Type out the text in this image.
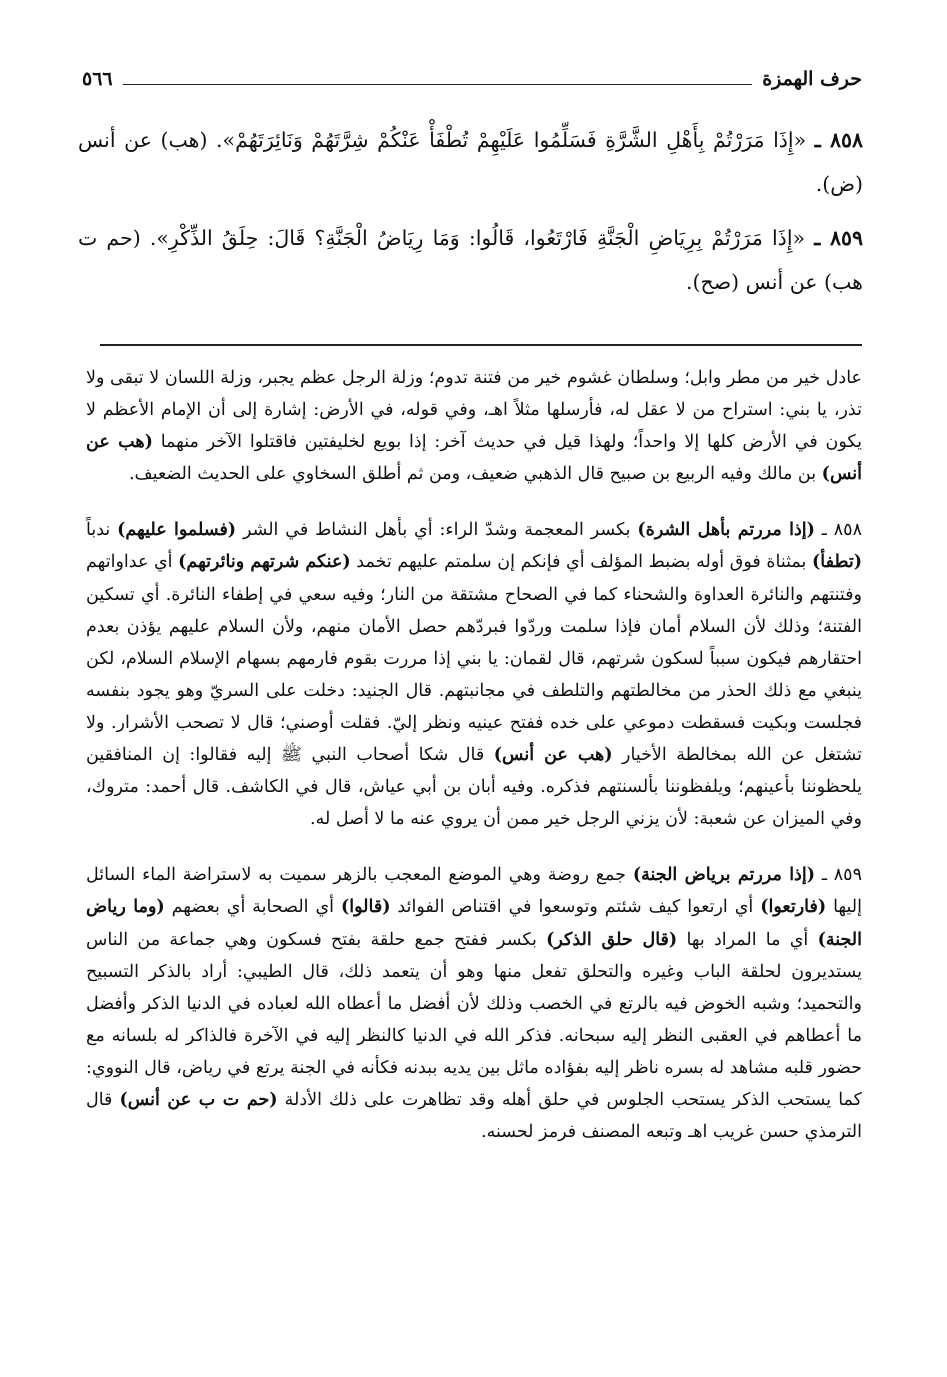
٥٦٦	حرف الهمزة

٨٥٨ ـ «إِذَا مَرَرْتُمْ بِأَهْلِ الشَّرَّةِ فَسَلِّمُوا عَلَيْهِمْ تُطْفَأْ عَنْكُمْ شِرَّتَهُمْ وَنَائِرَتَهُمْ». (هب) عن أنس (ض).

٨٥٩ ـ «إِذَا مَرَرْتُمْ بِرِيَاضِ الْجَنَّةِ فَارْتَعُوا، قَالُوا: وَمَا رِيَاضُ الْجَنَّةِ؟ قَالَ: حِلَقُ الذِّكْرِ». (حم ت هب) عن أنس (صح).

عادل خير من مطر وابل؛ وسلطان غشوم خير من فتنة تدوم؛ وزلة الرجل عظم يجبر، وزلة اللسان لا تبقى ولا تذر، يا بني: استراح من لا عقل له، فأرسلها مثلاً اهـ، وفي قوله، في الأرض: إشارة إلى أن الإمام الأعظم لا يكون في الأرض كلها إلا واحداً؛ ولهذا قيل في حديث آخر: إذا بويع لخليفتين فاقتلوا الآخر منهما (هب عن أنس) بن مالك وفيه الربيع بن صبيح قال الذهبي ضعيف، ومن ثم أطلق السخاوي على الحديث الضعيف.

٨٥٨ ـ (إذا مررتم بأهل الشرة) بكسر المعجمة وشدّ الراء: أي بأهل النشاط في الشر (فسلموا عليهم) ندباً (تطفأ) بمثناة فوق أوله بضبط المؤلف أي فإنكم إن سلمتم عليهم تخمد (عنكم شرتهم ونائرتهم) أي عداواتهم وفتنتهم والنائرة العداوة والشحناء كما في الصحاح مشتقة من النار؛ وفيه سعي في إطفاء النائرة. أي تسكين الفتنة؛ وذلك لأن السلام أمان فإذا سلمت وردّوا فبردّهم حصل الأمان منهم، ولأن السلام عليهم يؤذن بعدم احتقارهم فيكون سبباً لسكون شرتهم، قال لقمان: يا بني إذا مررت بقوم فارمهم بسهام الإسلام السلام، لكن ينبغي مع ذلك الحذر من مخالطتهم والتلطف في مجانبتهم. قال الجنيد: دخلت على السريّ وهو يجود بنفسه فجلست وبكيت فسقطت دموعي على خده ففتح عينيه ونظر إليّ. فقلت أوصني؛ قال لا تصحب الأشرار. ولا تشتغل عن الله بمخالطة الأخيار (هب عن أنس) قال شكا أصحاب النبي ﷺ إليه فقالوا: إن المنافقين يلحظوننا بأعينهم؛ ويلفظوننا بألسنتهم فذكره. وفيه أبان بن أبي عياش، قال في الكاشف. قال أحمد: متروك، وفي الميزان عن شعبة: لأن يزني الرجل خير ممن أن يروي عنه ما لا أصل له.

٨٥٩ ـ (إذا مررتم برياض الجنة) جمع روضة وهي الموضع المعجب بالزهر سميت به لاستراضة الماء السائل إليها (فارتعوا) أي ارتعوا كيف شئتم وتوسعوا في اقتناص الفوائد (قالوا) أي الصحابة أي بعضهم (وما رياض الجنة) أي ما المراد بها (قال حلق الذكر) بكسر ففتح جمع حلقة بفتح فسكون وهي جماعة من الناس يستديرون لحلقة الباب وغيره والتحلق تفعل منها وهو أن يتعمد ذلك، قال الطيبي: أراد بالذكر التسبيح والتحميد؛ وشبه الخوض فيه بالرتع في الخصب وذلك لأن أفضل ما أعطاه الله لعباده في الدنيا الذكر وأفضل ما أعطاهم في العقبى النظر إليه سبحانه. فذكر الله في الدنيا كالنظر إليه في الآخرة فالذاكر له بلسانه مع حضور قلبه مشاهد له بسره ناظر إليه بفؤاده ماثل بين يديه ببدنه فكأنه في الجنة يرتع في رياض، قال النووي: كما يستحب الذكر يستحب الجلوس في حلق أهله وقد تظاهرت على ذلك الأدلة (حم ت ب عن أنس) قال الترمذي حسن غريب اهـ وتبعه المصنف فرمز لحسنه.
